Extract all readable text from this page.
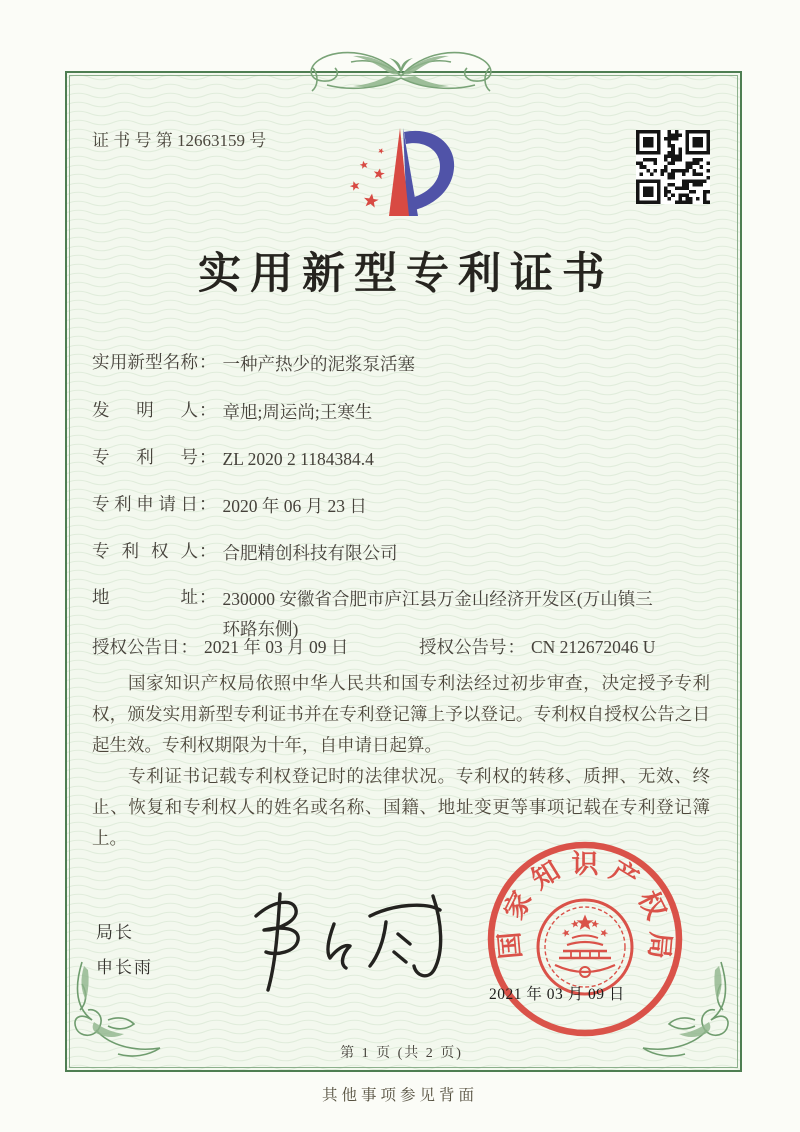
证 书 号 第 12663159 号
实用新型专利证书
实用新型名称： 一种产热少的泥浆泵活塞
发明人： 章旭;周运尚;王寒生
专利号： ZL 2020 2 1184384.4
专利申请日： 2020 年 06 月 23 日
专利权人： 合肥精创科技有限公司
地址： 230000 安徽省合肥市庐江县万金山经济开发区(万山镇三环路东侧)
授权公告日： 2021 年 03 月 09 日	授权公告号： CN 212672046 U

国家知识产权局依照中华人民共和国专利法经过初步审查，决定授予专利权，颁发实用新型专利证书并在专利登记簿上予以登记。专利权自授权公告之日起生效。专利权期限为十年，自申请日起算。

专利证书记载专利权登记时的法律状况。专利权的转移、质押、无效、终止、恢复和专利权人的姓名或名称、国籍、地址变更等事项记载在专利登记簿上。

局长
申长雨
国家知识产权局
2021 年 03 月 09 日
第 1 页 (共 2 页)
其他事项参见背面
